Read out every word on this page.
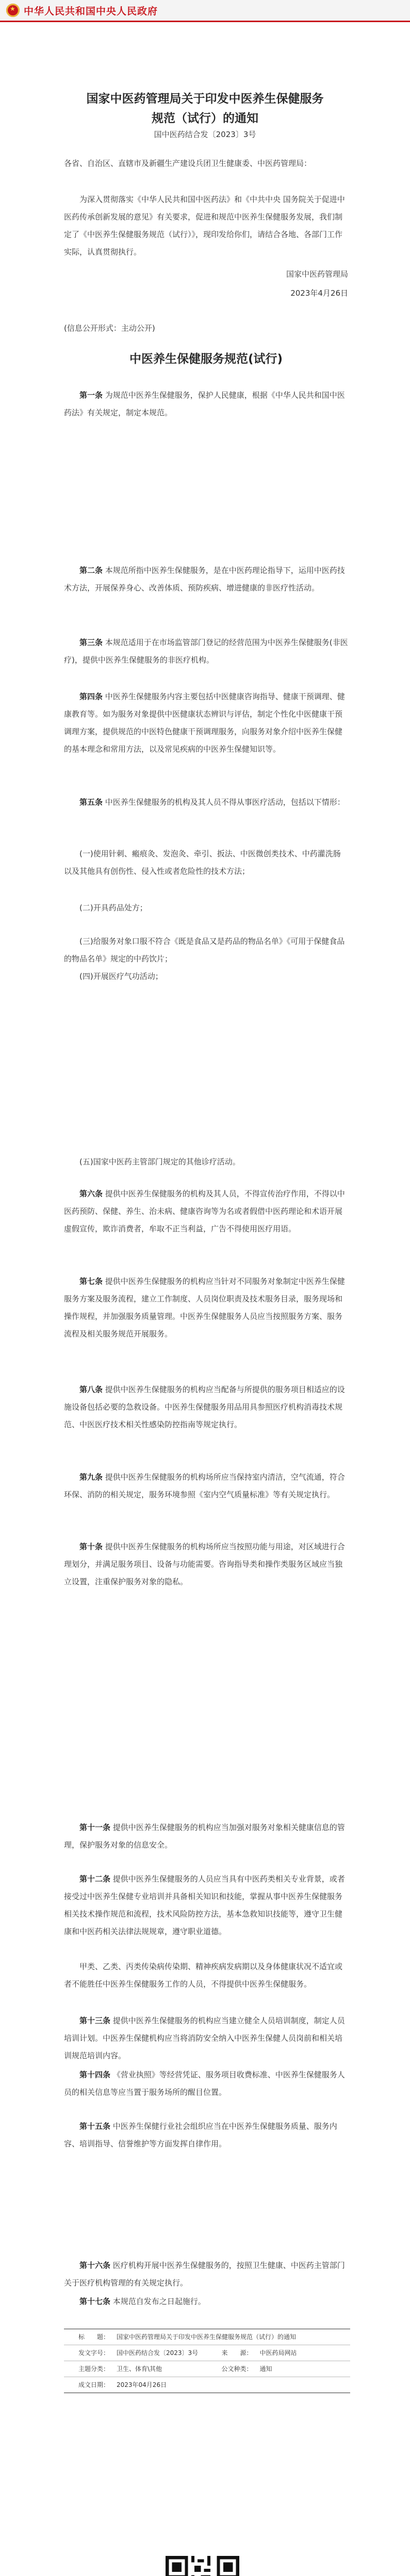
★
中华人民共和国中央人民政府
国家中医药管理局关于印发中医养生保健服务
规范（试行）的通知
国中医药结合发〔2023〕3号
各省、自治区、直辖市及新疆生产建设兵团卫生健康委、中医药管理局：
为深入贯彻落实《中华人民共和国中医药法》和《中共中央 国务院关于促进中医药传承创新发展的意见》有关要求，促进和规范中医养生保健服务发展，我们制定了《中医养生保健服务规范（试行）》，现印发给你们，请结合各地、各部门工作实际，认真贯彻执行。
国家中医药管理局
2023年4月26日
(信息公开形式：主动公开)
中医养生保健服务规范(试行)
第一条 为规范中医养生保健服务，保护人民健康，根据《中华人民共和国中医药法》有关规定，制定本规范。
第二条 本规范所指中医养生保健服务，是在中医药理论指导下，运用中医药技术方法，开展保养身心、改善体质、预防疾病、增进健康的非医疗性活动。
第三条 本规范适用于在市场监管部门登记的经营范围为中医养生保健服务(非医疗)，提供中医养生保健服务的非医疗机构。
第四条 中医养生保健服务内容主要包括中医健康咨询指导、健康干预调理、健康教育等。如为服务对象提供中医健康状态辨识与评估，制定个性化中医健康干预调理方案，提供规范的中医特色健康干预调理服务，向服务对象介绍中医养生保健的基本理念和常用方法，以及常见疾病的中医养生保健知识等。
第五条 中医养生保健服务的机构及其人员不得从事医疗活动，包括以下情形：
(一)使用针刺、瘢痕灸、发泡灸、牵引、扳法、中医微创类技术、中药灌洗肠以及其他具有创伤性、侵入性或者危险性的技术方法；
(二)开具药品处方；
(三)给服务对象口服不符合《既是食品又是药品的物品名单》《可用于保健食品的物品名单》规定的中药饮片；
(四)开展医疗气功活动；
(五)国家中医药主管部门规定的其他诊疗活动。
第六条 提供中医养生保健服务的机构及其人员，不得宣传治疗作用，不得以中医药预防、保健、养生、治未病、健康咨询等为名或者假借中医药理论和术语开展虚假宣传，欺诈消费者，牟取不正当利益，广告不得使用医疗用语。
第七条 提供中医养生保健服务的机构应当针对不同服务对象制定中医养生保健服务方案及服务流程，建立工作制度、人员岗位职责及技术服务目录，服务现场和操作规程，并加强服务质量管理。中医养生保健服务人员应当按照服务方案、服务流程及相关服务规范开展服务。
第八条 提供中医养生保健服务的机构应当配备与所提供的服务项目相适应的设施设备包括必要的急救设备。中医养生保健服务用品用具参照医疗机构消毒技术规范、中医医疗技术相关性感染防控指南等规定执行。
第九条 提供中医养生保健服务的机构场所应当保持室内清洁，空气流通，符合环保、消防的相关规定，服务环境参照《室内空气质量标准》等有关规定执行。
第十条 提供中医养生保健服务的机构场所应当按照功能与用途，对区域进行合理划分，并满足服务项目、设备与功能需要。咨询指导类和操作类服务区域应当独立设置，注重保护服务对象的隐私。
第十一条 提供中医养生保健服务的机构应当加强对服务对象相关健康信息的管理，保护服务对象的信息安全。
第十二条 提供中医养生保健服务的人员应当具有中医药类相关专业背景，或者接受过中医养生保健专业培训并具备相关知识和技能，掌握从事中医养生保健服务相关技术操作规范和流程，技术风险防控方法，基本急救知识技能等，遵守卫生健康和中医药相关法律法规规章，遵守职业道德。
甲类、乙类、丙类传染病传染期、精神疾病发病期以及身体健康状况不适宜或者不能胜任中医养生保健服务工作的人员，不得提供中医养生保健服务。
第十三条 提供中医养生保健服务的机构应当建立健全人员培训制度，制定人员培训计划。中医养生保健机构应当将消防安全纳入中医养生保健人员岗前和相关培训规范培训内容。
第十四条 《营业执照》等经营凭证、服务项目收费标准、中医养生保健服务人员的相关信息等应当置于服务场所的醒目位置。
第十五条 中医养生保健行业社会组织应当在中医养生保健服务质量、服务内容、培训指导、信誉维护等方面发挥自律作用。
第十六条 医疗机构开展中医养生保健服务的，按照卫生健康、中医药主管部门关于医疗机构管理的有关规定执行。
第十七条 本规范自发布之日起施行。
标　　题：	国家中医药管理局关于印发中医养生保健服务规范（试行）的通知
发文字号：	国中医药结合发〔2023〕3号	来　　源：	中医药局网站
主题分类：	卫生、体育\其他	公文种类：	通知
成文日期：	2023年04月26日
